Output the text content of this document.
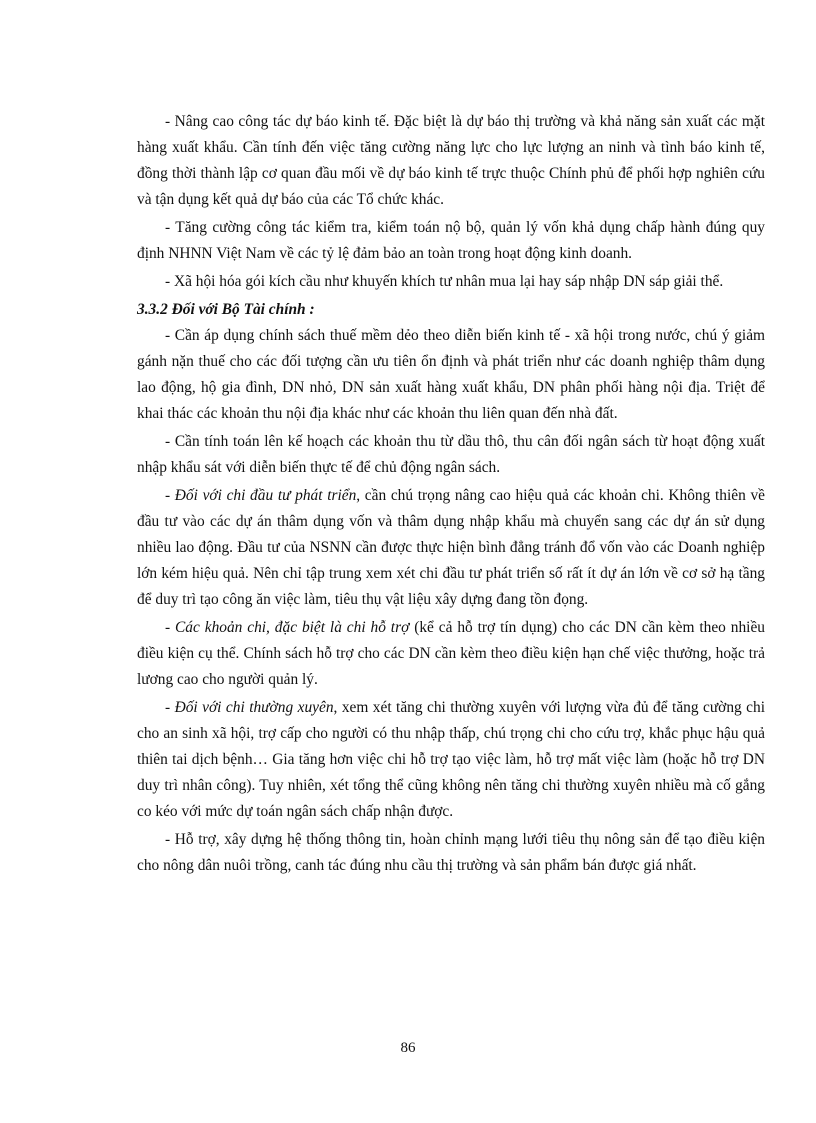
- Nâng cao công tác dự báo kinh tế. Đặc biệt là dự báo thị trường và khả năng sản xuất các mặt hàng xuất khẩu. Cần tính đến việc tăng cường năng lực cho lực lượng an ninh và tình báo kinh tế, đồng thời thành lập cơ quan đầu mối về dự báo kinh tế trực thuộc Chính phủ để phối hợp nghiên cứu và tận dụng kết quả dự báo của các Tổ chức khác.

- Tăng cường công tác kiểm tra, kiểm toán nộ bộ, quản lý vốn khả dụng chấp hành đúng quy định NHNN Việt Nam về các tỷ lệ đảm bảo an toàn trong hoạt động kinh doanh.

- Xã hội hóa gói kích cầu như khuyến khích tư nhân mua lại hay sáp nhập DN sáp giải thể.

3.3.2 Đối với Bộ Tài chính :

- Cần áp dụng chính sách thuế mềm dẻo theo diễn biến kinh tế - xã hội trong nước, chú ý giảm gánh nặn thuế cho các đối tượng cần ưu tiên ổn định và phát triển như các doanh nghiệp thâm dụng lao động, hộ gia đình, DN nhỏ, DN sản xuất hàng xuất khẩu, DN phân phối hàng nội địa. Triệt để khai thác các khoản thu nội địa khác như các khoản thu liên quan đến nhà đất.

- Cần tính toán lên kế hoạch các khoản thu từ dầu thô, thu cân đối ngân sách từ hoạt động xuất nhập khẩu sát với diễn biến thực tế để chủ động ngân sách.

- Đối với chi đầu tư phát triển, cần chú trọng nâng cao hiệu quả các khoản chi. Không thiên về đầu tư vào các dự án thâm dụng vốn và thâm dụng nhập khẩu mà chuyển sang các dự án sử dụng nhiều lao động. Đầu tư của NSNN cần được thực hiện bình đẳng tránh đổ vốn vào các Doanh nghiệp lớn kém hiệu quả. Nên chỉ tập trung xem xét chi đầu tư phát triển số rất ít dự án lớn về cơ sở hạ tầng để duy trì tạo công ăn việc làm, tiêu thụ vật liệu xây dựng đang tồn đọng.

- Các khoản chi, đặc biệt là chi hỗ trợ (kể cả hỗ trợ tín dụng) cho các DN cần kèm theo nhiều điều kiện cụ thể. Chính sách hỗ trợ cho các DN cần kèm theo điều kiện hạn chế việc thưởng, hoặc trả lương cao cho người quản lý.

- Đối với chi thường xuyên, xem xét tăng chi thường xuyên với lượng vừa đủ để tăng cường chi cho an sinh xã hội, trợ cấp cho người có thu nhập thấp, chú trọng chi cho cứu trợ, khắc phục hậu quả thiên tai dịch bệnh… Gia tăng hơn việc chi hỗ trợ tạo việc làm, hỗ trợ mất việc làm (hoặc hỗ trợ DN duy trì nhân công). Tuy nhiên, xét tổng thể cũng không nên tăng chi thường xuyên nhiều mà cố gắng co kéo với mức dự toán ngân sách chấp nhận được.

- Hỗ trợ, xây dựng hệ thống thông tin, hoàn chỉnh mạng lưới tiêu thụ nông sản để tạo điều kiện cho nông dân nuôi trồng, canh tác đúng nhu cầu thị trường và sản phẩm bán được giá nhất.

86
